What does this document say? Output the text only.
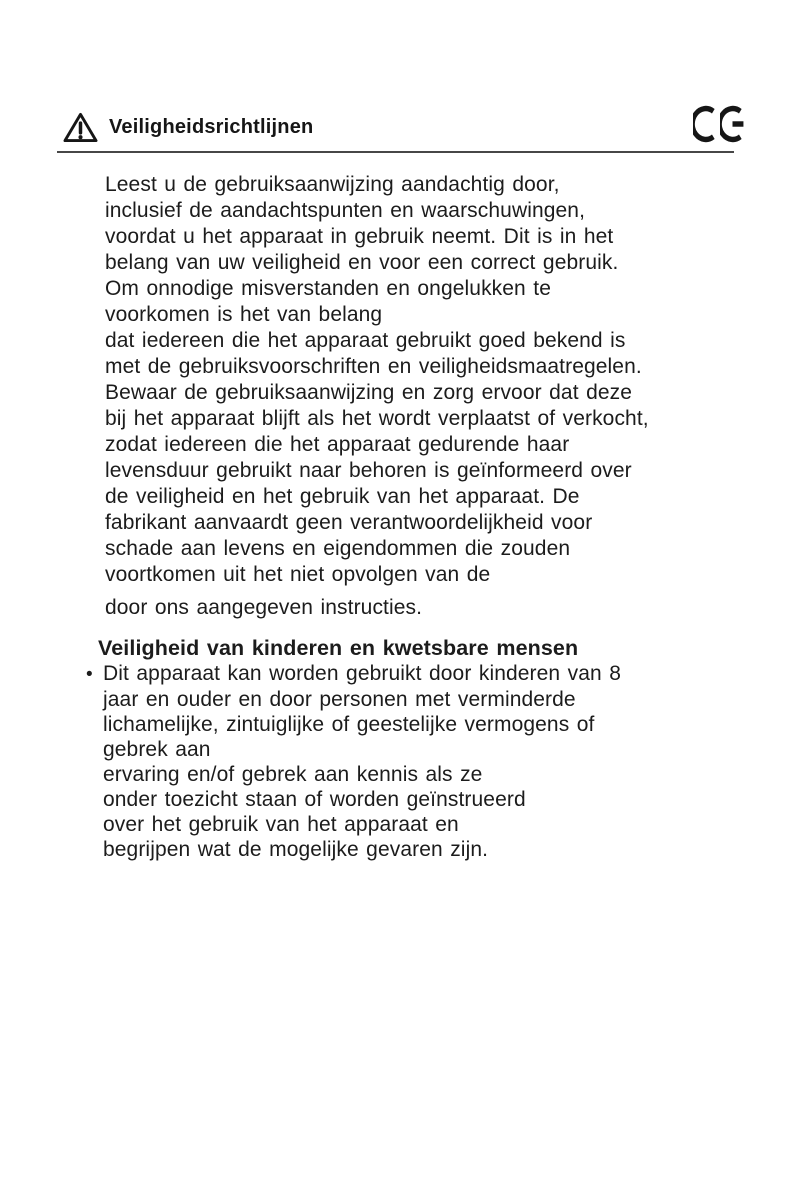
Veiligheidsrichtlijnen
Leest u de gebruiksaanwijzing aandachtig door,
inclusief de aandachtspunten en waarschuwingen,
voordat u het apparaat in gebruik neemt. Dit is in het
belang van uw veiligheid en voor een correct gebruik.
Om onnodige misverstanden en ongelukken te
voorkomen is het van belang
dat iedereen die het apparaat gebruikt goed bekend is
met de gebruiksvoorschriften en veiligheidsmaatregelen.
Bewaar de gebruiksaanwijzing en zorg ervoor dat deze
bij het apparaat blijft als het wordt verplaatst of verkocht,
zodat iedereen die het apparaat gedurende haar
levensduur gebruikt naar behoren is geïnformeerd over
de veiligheid en het gebruik van het apparaat. De
fabrikant aanvaardt geen verantwoordelijkheid voor
schade aan levens en eigendommen die zouden
voortkomen uit het niet opvolgen van de
door ons aangegeven instructies.
Veiligheid van kinderen en kwetsbare mensen
• Dit apparaat kan worden gebruikt door kinderen van 8
jaar en ouder en door personen met verminderde
lichamelijke, zintuiglijke of geestelijke vermogens of
gebrek aan
ervaring en/of gebrek aan kennis als ze
onder toezicht staan of worden geïnstrueerd
over het gebruik van het apparaat en
begrijpen wat de mogelijke gevaren zijn.
